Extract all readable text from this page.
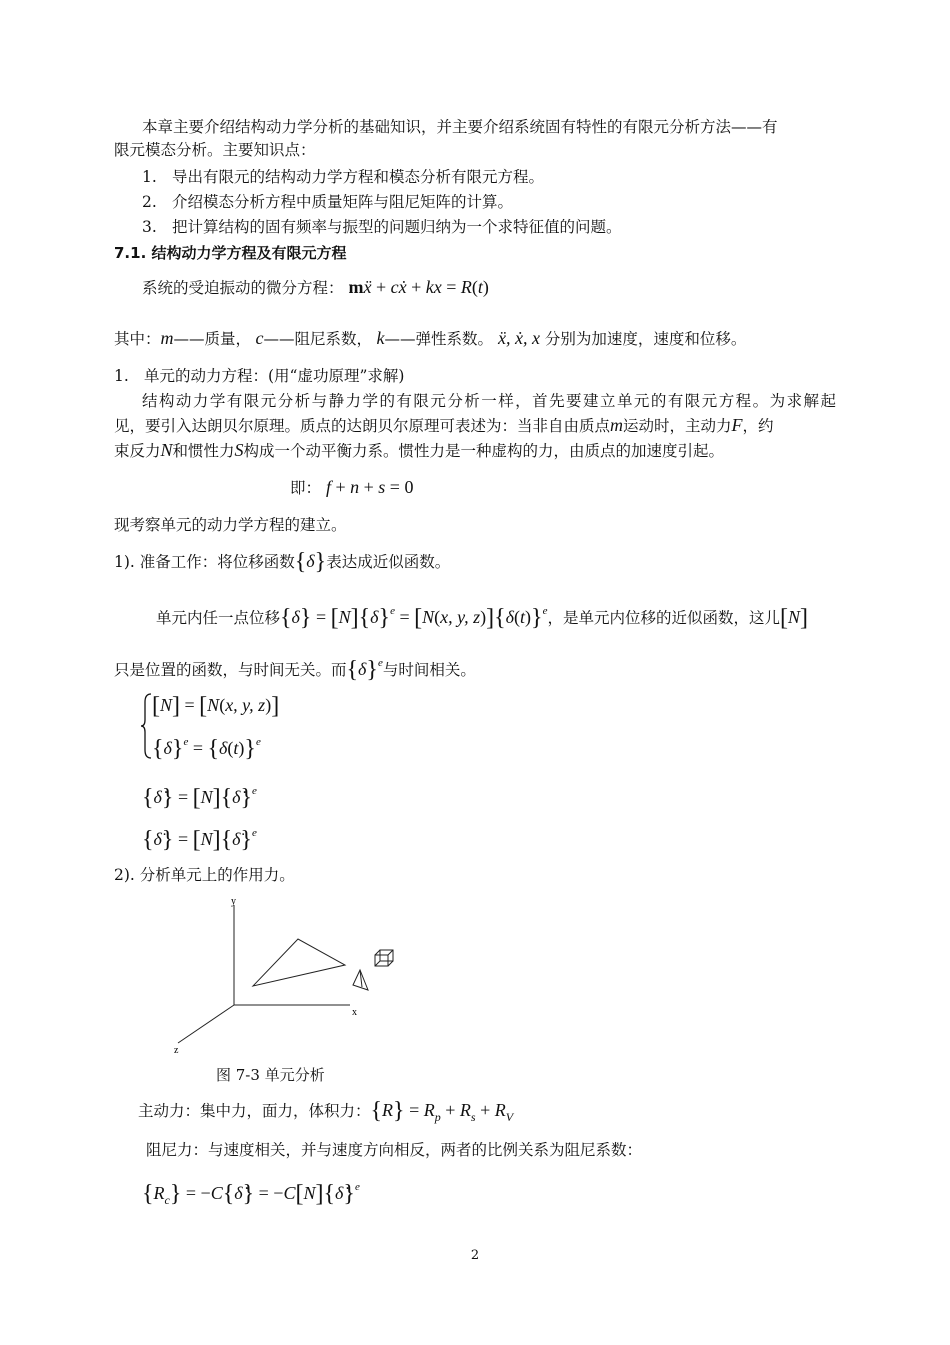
本章主要介绍结构动力学分析的基础知识，并主要介绍系统固有特性的有限元分析方法——有
限元模态分析。主要知识点：
1. 导出有限元的结构动力学方程和模态分析有限元方程。
2. 介绍模态分析方程中质量矩阵与阻尼矩阵的计算。
3. 把计算结构的固有频率与振型的问题归纳为一个求特征值的问题。
7.1. 结构动力学方程及有限元方程
系统的受迫振动的微分方程： mẍ + cẋ + kx = R(t)
其中：m——质量， c——阻尼系数， k——弹性系数。 ẍ, ẋ, x 分别为加速度，速度和位移。
1. 单元的动力方程：(用“虚功原理”求解)
结构动力学有限元分析与静力学的有限元分析一样，首先要建立单元的有限元方程。为求解起
见，要引入达朗贝尔原理。质点的达朗贝尔原理可表述为：当非自由质点m运动时，主动力F，约
束反力N和惯性力S构成一个动平衡力系。惯性力是一种虚构的力，由质点的加速度引起。
即： f + n + s = 0
现考察单元的动力学方程的建立。
1). 准备工作：将位移函数{δ}表达成近似函数。
单元内任一点位移$\{\delta\} = [N]\{\delta\}^e = [N(x$, y, $z)]\{\delta(t)\}^e$，是单元内位移的近似函数，这儿[N]
只是位置的函数，与时间无关。而$\{\delta\}^e$与时间相关。
[N] = [N(x, y, z)]
$\{\delta\}^e = \{\delta(t)\}^e$
{δ̇} = [N]{δ̇}$^e$
{δ̈} = [N]{δ̈}$^e$
2). 分析单元上的作用力。
y
x
z
图 7-3 单元分析
主动力：集中力，面力，体积力：$\{R\} = R_p + R_s + R_V$
阻尼力：与速度相关，并与速度方向相反，两者的比例关系为阻尼系数：
$\{R_c\}$ = −C{δ̇} = −C[N]{δ̇}$^e$
2
